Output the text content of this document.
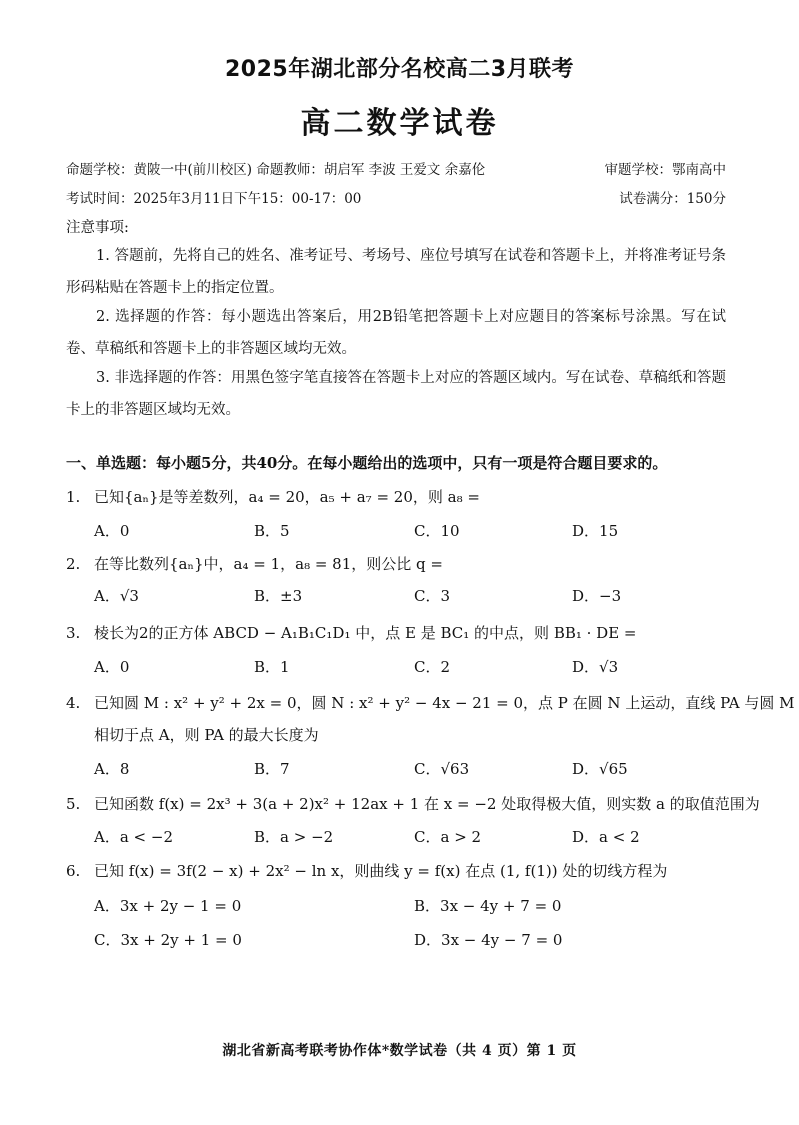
2025年湖北部分名校高二3月联考
高二数学试卷
命题学校：黄陂一中(前川校区) 命题教师：胡启军 李波 王爱文 余嘉伦	审题学校：鄂南高中
考试时间：2025年3月11日下午15：00-17：00	试卷满分：150分
注意事项:
1. 答题前，先将自己的姓名、准考证号、考场号、座位号填写在试卷和答题卡上，并将准考证号条形码粘贴在答题卡上的指定位置。
2. 选择题的作答：每小题选出答案后，用2B铅笔把答题卡上对应题目的答案标号涂黑。写在试卷、草稿纸和答题卡上的非答题区域均无效。
3. 非选择题的作答：用黑色签字笔直接答在答题卡上对应的答题区域内。写在试卷、草稿纸和答题卡上的非答题区域均无效。
一、单选题：每小题5分，共40分。在每小题给出的选项中，只有一项是符合题目要求的。
1. 已知{aₙ}是等差数列，a₄ = 20，a₅ + a₇ = 20，则 a₈ =
A．0	B．5	C．10	D．15
2. 在等比数列{aₙ}中，a₄ = 1，a₈ = 81，则公比 q =
A．√3	B．±3	C．3	D．−3
3. 棱长为2的正方体 ABCD − A₁B₁C₁D₁ 中，点 E 是 BC₁ 的中点，则 BB₁ · DE =
A．0	B．1	C．2	D．√3
4. 已知圆 M : x² + y² + 2x = 0，圆 N : x² + y² − 4x − 21 = 0，点 P 在圆 N 上运动，直线 PA 与圆 M
相切于点 A，则 PA 的最大长度为
A．8	B．7	C．√63	D．√65
5. 已知函数 f(x) = 2x³ + 3(a + 2)x² + 12ax + 1 在 x = −2 处取得极大值，则实数 a 的取值范围为
A．a < −2	B．a > −2	C．a > 2	D．a < 2
6. 已知 f(x) = 3f(2 − x) + 2x² − ln x，则曲线 y = f(x) 在点 (1, f(1)) 处的切线方程为
A．3x + 2y − 1 = 0	B．3x − 4y + 7 = 0
C．3x + 2y + 1 = 0	D．3x − 4y − 7 = 0
湖北省新高考联考协作体*数学试卷（共 4 页）第 1 页
